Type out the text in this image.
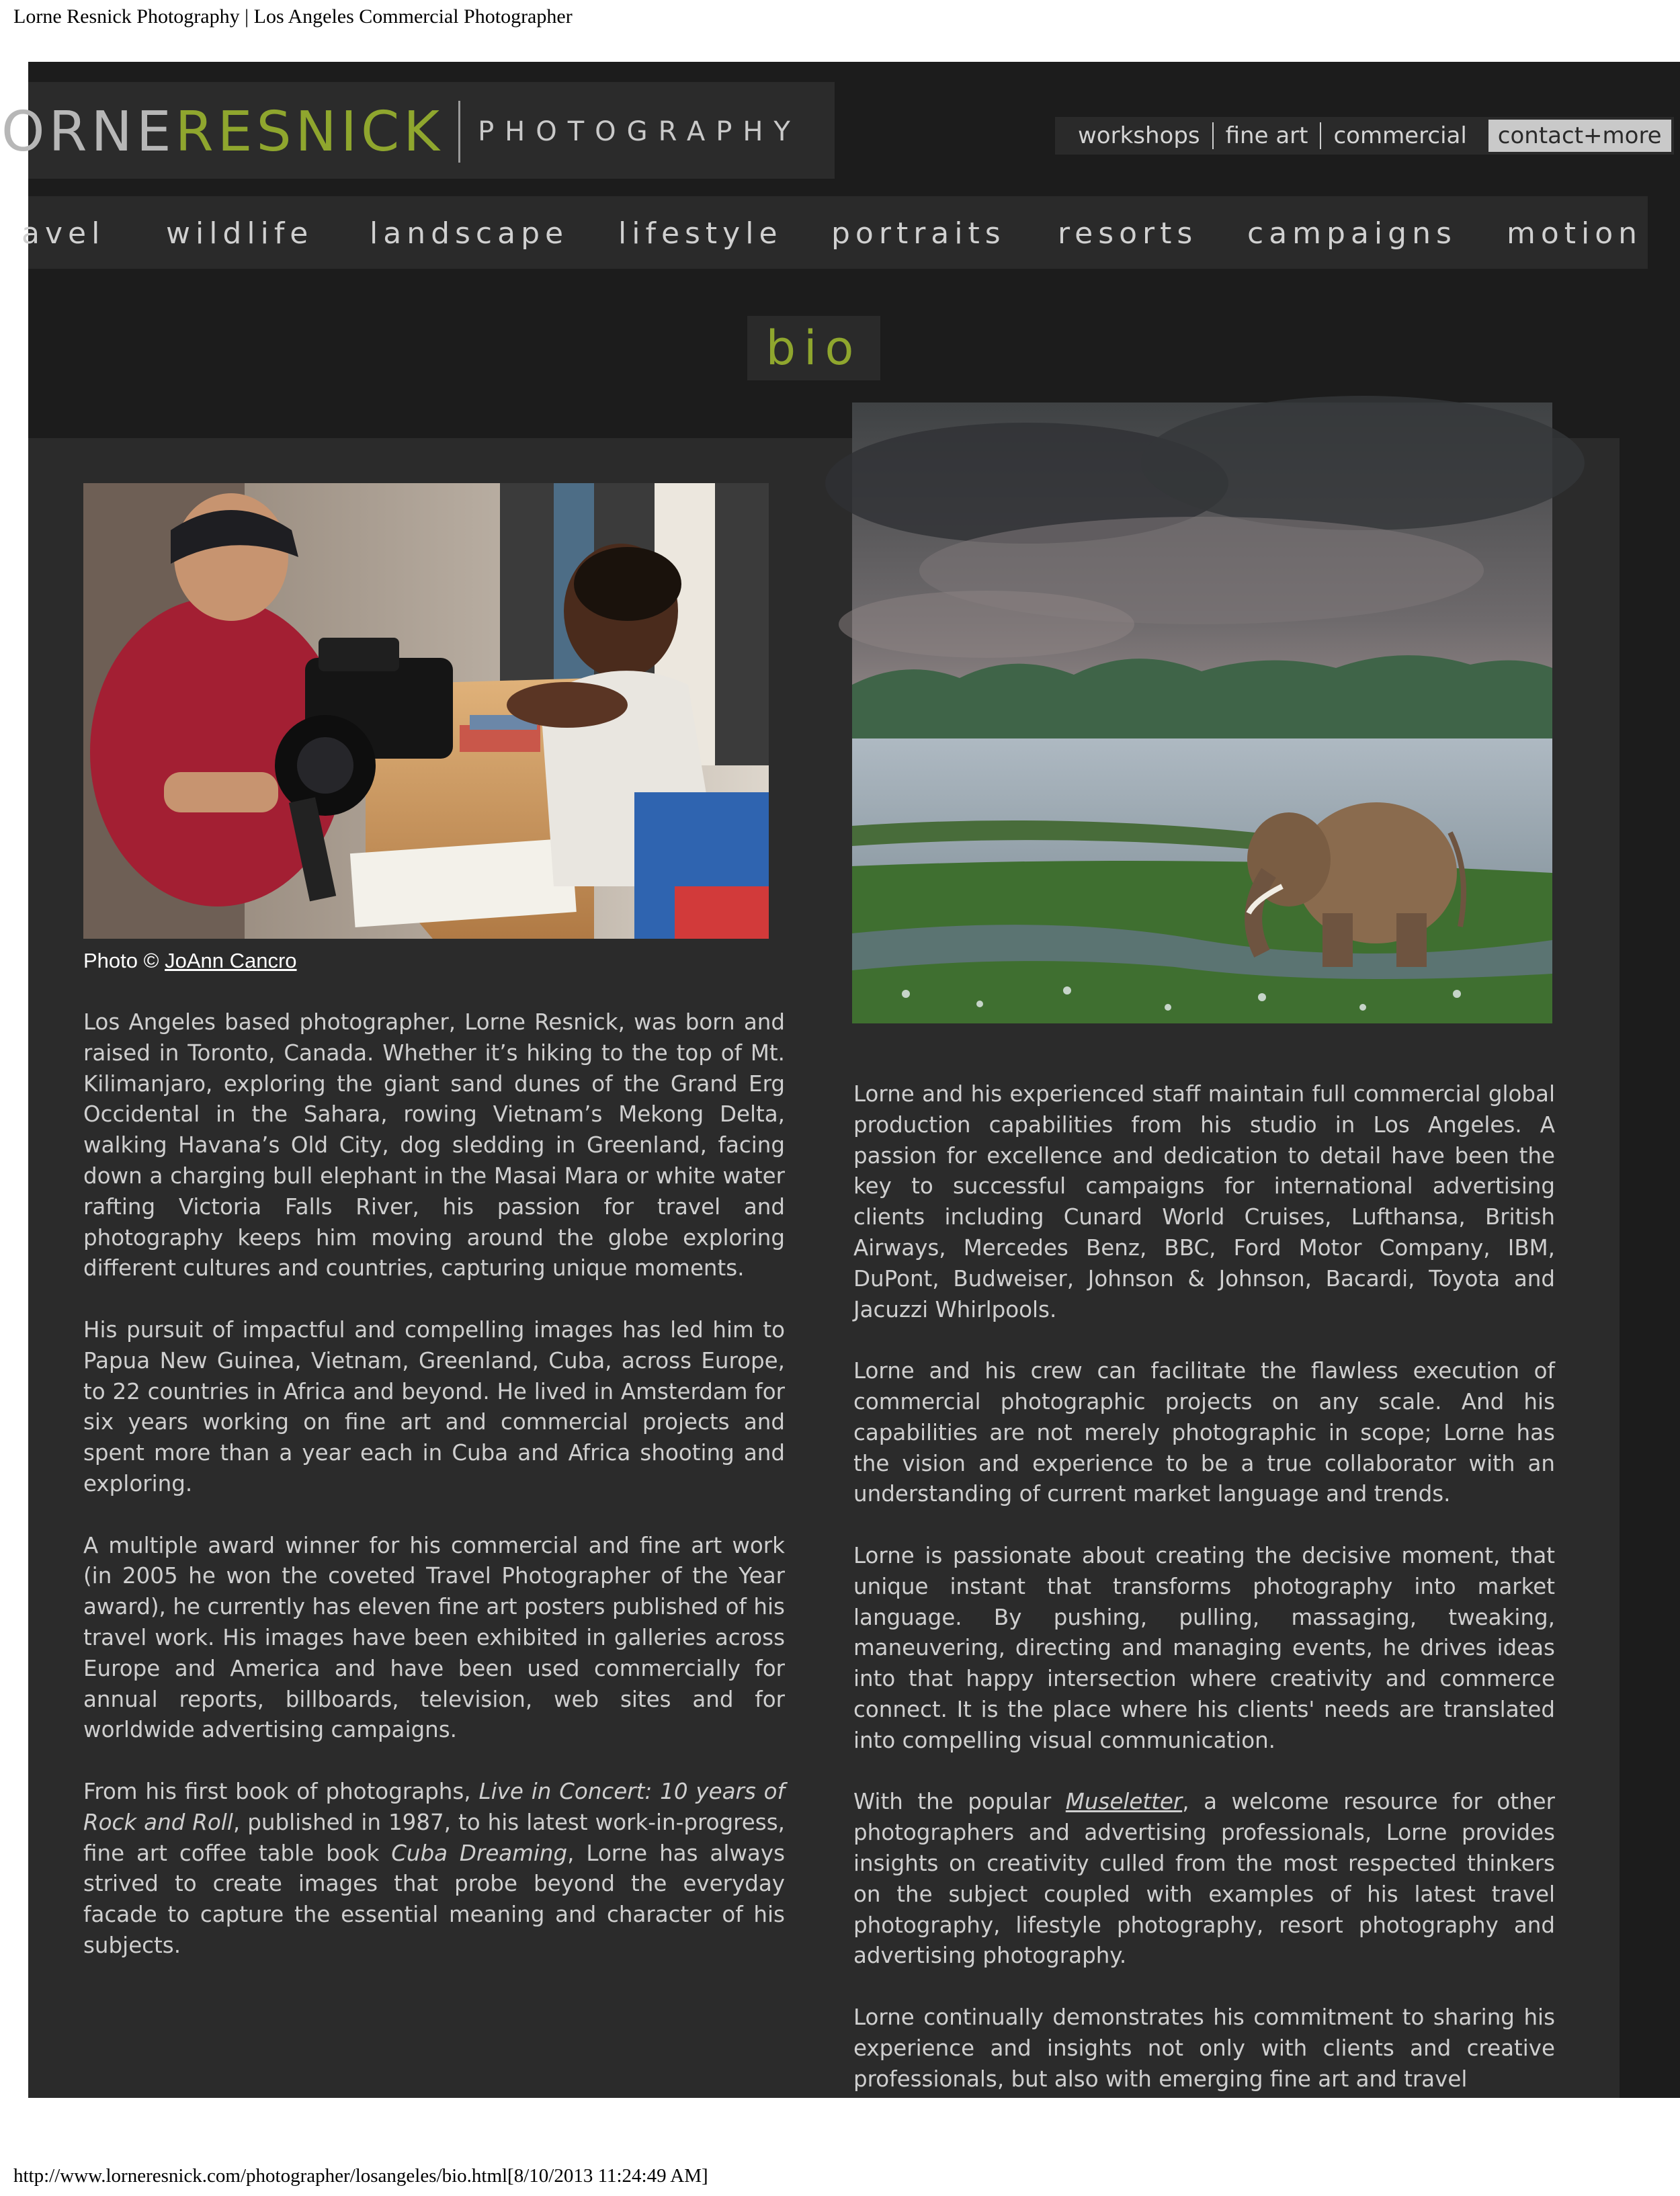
Lorne Resnick Photography | Los Angeles Commercial Photographer
ORNE RESNICK PHOTOGRAPHY	workshops	fine art	commercial	contact+more
avel wildlife landscape lifestyle portraits resorts campaigns motion
bio
Photo © JoAnn Cancro

Los Angeles based photographer, Lorne Resnick, was born and raised in Toronto, Canada. Whether it’s hiking to the top of Mt. Kilimanjaro, exploring the giant sand dunes of the Grand Erg Occidental in the Sahara, rowing Vietnam’s Mekong Delta, walking Havana’s Old City, dog sledding in Greenland, facing down a charging bull elephant in the Masai Mara or white water rafting Victoria Falls River, his passion for travel and photography keeps him moving around the globe exploring different cultures and countries, capturing unique moments.

His pursuit of impactful and compelling images has led him to Papua New Guinea, Vietnam, Greenland, Cuba, across Europe, to 22 countries in Africa and beyond. He lived in Amsterdam for six years working on fine art and commercial projects and spent more than a year each in Cuba and Africa shooting and exploring.

A multiple award winner for his commercial and fine art work (in 2005 he won the coveted Travel Photographer of the Year award), he currently has eleven fine art posters published of his travel work. His images have been exhibited in galleries across Europe and America and have been used commercially for annual reports, billboards, television, web sites and for worldwide advertising campaigns.

From his first book of photographs, Live in Concert: 10 years of Rock and Roll, published in 1987, to his latest work-in-progress, fine art coffee table book Cuba Dreaming, Lorne has always strived to create images that probe beyond the everyday facade to capture the essential meaning and character of his subjects.

Lorne and his experienced staff maintain full commercial global production capabilities from his studio in Los Angeles. A passion for excellence and dedication to detail have been the key to successful campaigns for international advertising clients including Cunard World Cruises, Lufthansa, British Airways, Mercedes Benz, BBC, Ford Motor Company, IBM, DuPont, Budweiser, Johnson & Johnson, Bacardi, Toyota and Jacuzzi Whirlpools.

Lorne and his crew can facilitate the flawless execution of commercial photographic projects on any scale. And his capabilities are not merely photographic in scope; Lorne has the vision and experience to be a true collaborator with an understanding of current market language and trends.

Lorne is passionate about creating the decisive moment, that unique instant that transforms photography into market language. By pushing, pulling, massaging, tweaking, maneuvering, directing and managing events, he drives ideas into that happy intersection where creativity and commerce connect. It is the place where his clients' needs are translated into compelling visual communication.

With the popular Museletter, a welcome resource for other photographers and advertising professionals, Lorne provides insights on creativity culled from the most respected thinkers on the subject coupled with examples of his latest travel photography, lifestyle photography, resort photography and advertising photography.

Lorne continually demonstrates his commitment to sharing his experience and insights not only with clients and creative professionals, but also with emerging fine art and travel

http://www.lorneresnick.com/photographer/losangeles/bio.html[8/10/2013 11:24:49 AM]
